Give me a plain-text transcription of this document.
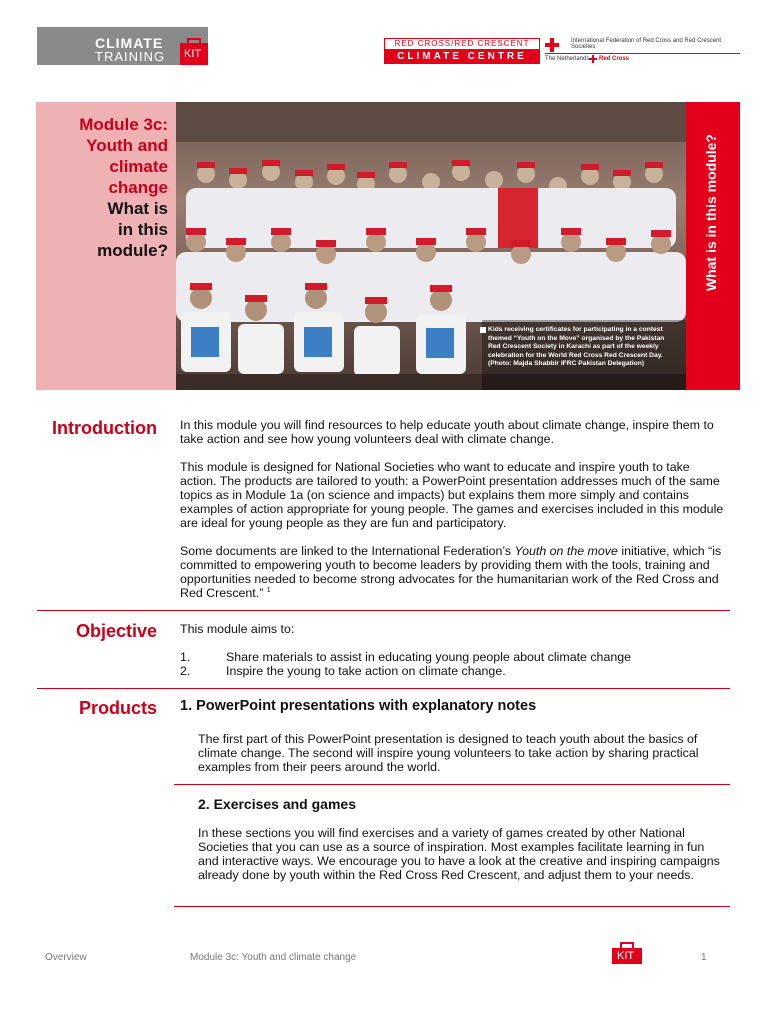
CLIMATE
TRAINING KIT
RED CROSS/RED CRESCENT
CLIMATE CENTRE
International Federation of Red Cross and Red Crescent Societies
The Netherlands Red Cross
Module 3c:
Youth and
climate
change
What is
in this
module?
Kids receiving certificates for participating in a contest themed “Youth on the Move” organised by the Pakistan Red Crescent Society in Karachi as part of the weekly celebration for the World Red Cross Red Crescent Day. (Photo: Majda Shabbir IFRC Pakistan Delegation)
What is in this module?
Introduction In this module you will find resources to help educate youth about climate change, inspire them to take action and see how young volunteers deal with climate change.
This module is designed for National Societies who want to educate and inspire youth to take action. The products are tailored to youth: a PowerPoint presentation addresses much of the same topics as in Module 1a (on science and impacts) but explains them more simply and contains examples of action appropriate for young people. The games and exercises included in this module are ideal for young people as they are fun and participatory.
Some documents are linked to the International Federation’s Youth on the move initiative, which “is committed to empowering youth to become leaders by providing them with the tools, training and opportunities needed to become strong advocates for the humanitarian work of the Red Cross and Red Crescent.” $^1$
Objective This module aims to:
1.	Share materials to assist in educating young people about climate change
2.	Inspire the young to take action on climate change.
Products 1. PowerPoint presentations with explanatory notes
The first part of this PowerPoint presentation is designed to teach youth about the basics of climate change. The second will inspire young volunteers to take action by sharing practical examples from their peers around the world.
2. Exercises and games
In these sections you will find exercises and a variety of games created by other National Societies that you can use as a source of inspiration. Most examples facilitate learning in fun and interactive ways. We encourage you to have a look at the creative and inspiring campaigns already done by youth within the Red Cross Red Crescent, and adjust them to your needs.
Overview	Module 3c: Youth and climate change	KIT	1
